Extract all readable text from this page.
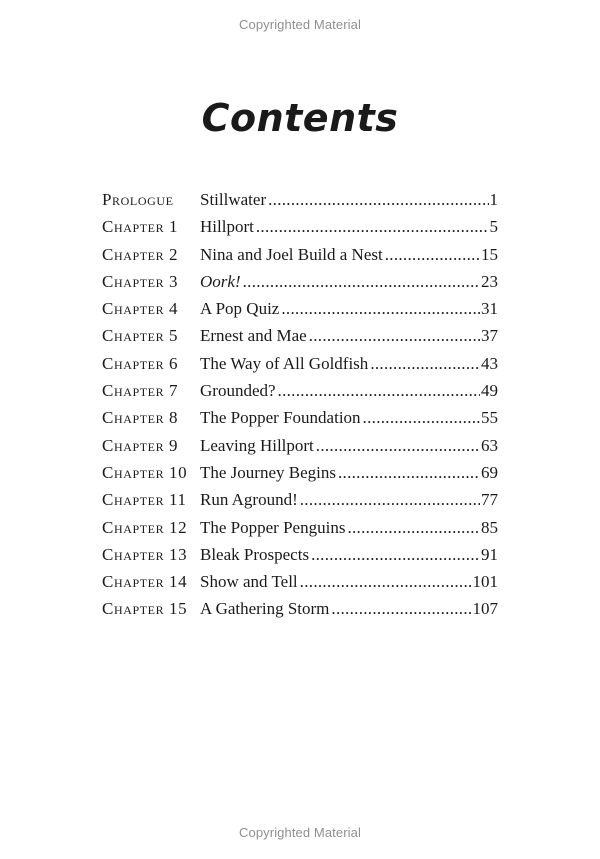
Copyrighted Material
Contents
Prologue	Stillwater .....	1
Chapter 1	Hillport .....	5
Chapter 2	Nina and Joel Build a Nest .....	15
Chapter 3	Oork! .....	23
Chapter 4	A Pop Quiz .....	31
Chapter 5	Ernest and Mae .....	37
Chapter 6	The Way of All Goldfish .....	43
Chapter 7	Grounded? .....	49
Chapter 8	The Popper Foundation .....	55
Chapter 9	Leaving Hillport .....	63
Chapter 10 The Journey Begins .....	69
Chapter 11 Run Aground! .....	77
Chapter 12 The Popper Penguins .....	85
Chapter 13 Bleak Prospects .....	91
Chapter 14 Show and Tell .....	101
Chapter 15 A Gathering Storm .....	107
Copyrighted Material
